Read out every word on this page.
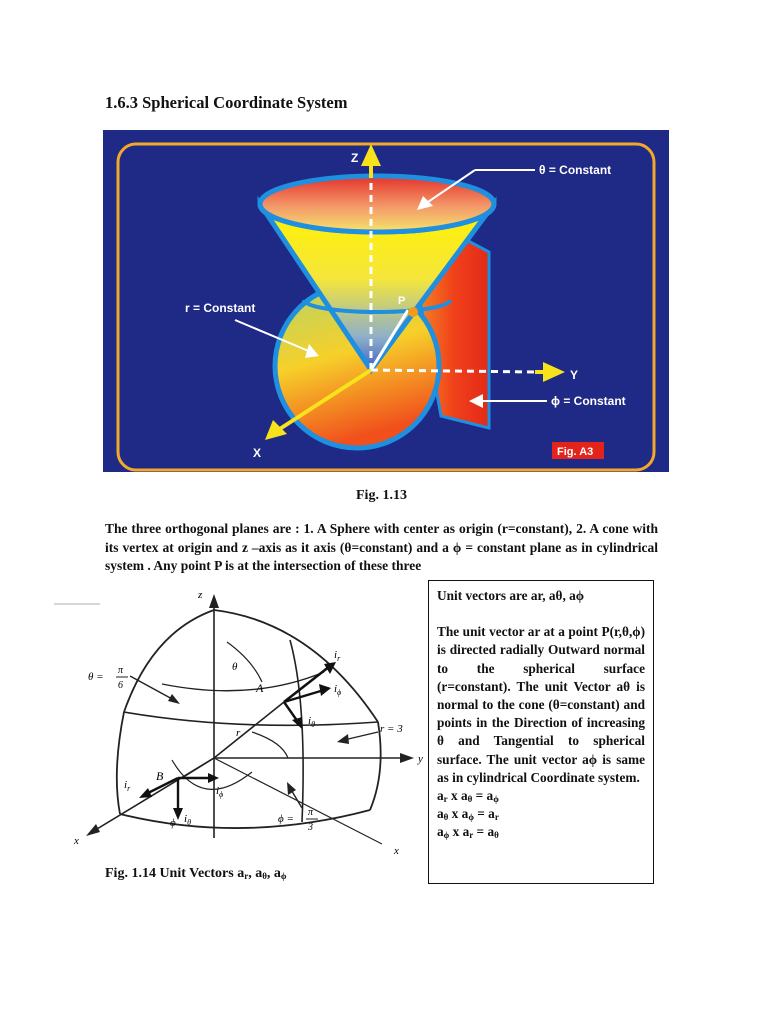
1.6.3 Spherical Coordinate System
Z
Y
X
P
θ = Constant
r = Constant
ϕ = Constant
Fig. A3
Fig. 1.13

The three orthogonal planes are : 1. A Sphere with center as origin (r=constant), 2. A cone with its vertex at origin and z –axis as it axis (θ=constant) and a ϕ = constant plane as in cylindrical system . Any point P is at the intersection of these three

z
y
x
x
θ =
π
6
ϕ =
π
3
r = 3
A
B
r
θ
ϕ
$i_r$
$i_\phi$
$i_\theta$
$i_r$	$i_\phi$
$i_\theta$
Fig. 1.14 Unit Vectors $a_r$, $a_\theta$, $a_\phi$

Unit vectors are ar, aθ, aϕ

The unit vector ar at a point P(r,θ,ϕ) is directed radially Outward normal to the spherical surface (r=constant). The unit Vector aθ is normal to the cone (θ=constant) and points in the Direction of increasing θ and Tangential to spherical surface. The unit vector aϕ is same as in cylindrical Coordinate system.

$a_r$ x $a_\theta = a_\phi$

$a_\theta$ x $a_\phi = a_r$

$a_\phi$ x $a_r = a_\theta$
